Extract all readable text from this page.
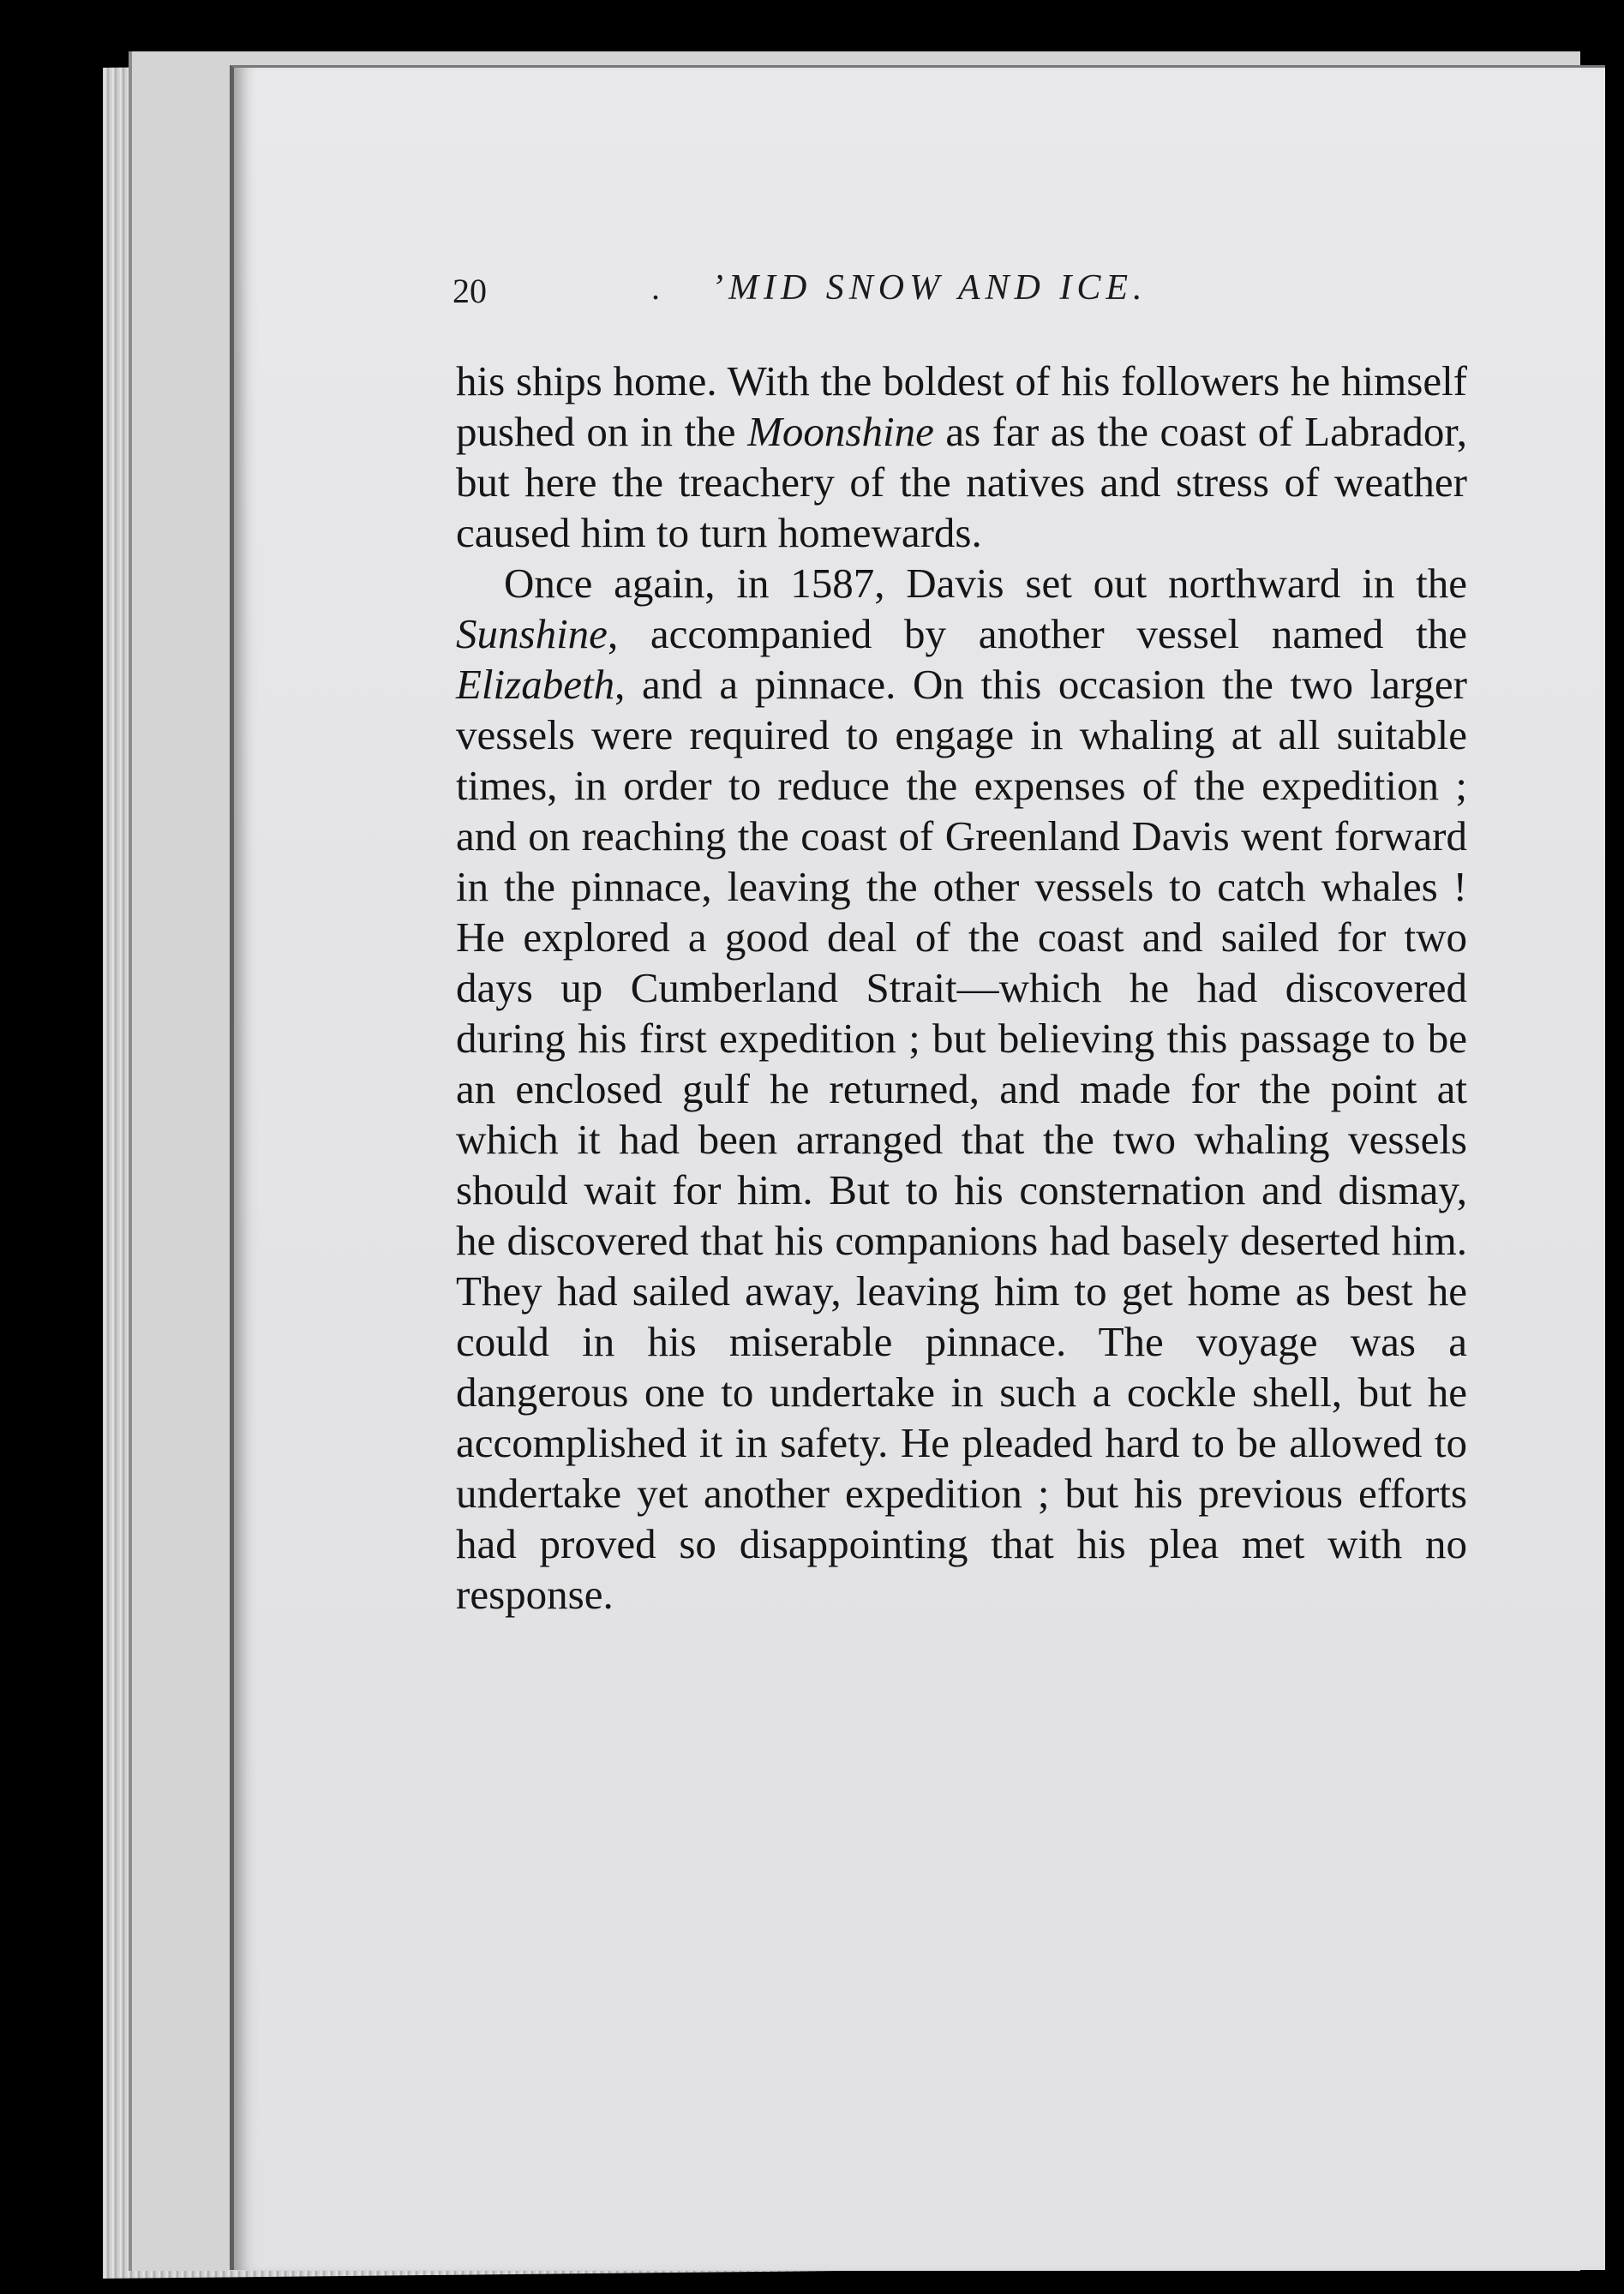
20	. ’MID SNOW AND ICE.

his ships home. With the boldest of his followers he himself pushed on in the Moonshine as far as the coast of Labrador, but here the treachery of the natives and stress of weather caused him to turn homewards.

Once again, in 1587, Davis set out northward in the Sunshine, accompanied by another vessel named the Elizabeth, and a pinnace. On this occasion the two larger vessels were required to engage in whaling at all suitable times, in order to reduce the expenses of the expedition ; and on reaching the coast of Greenland Davis went forward in the pinnace, leaving the other vessels to catch whales ! He explored a good deal of the coast and sailed for two days up Cumberland Strait—which he had discovered during his first expedition ; but believing this passage to be an enclosed gulf he returned, and made for the point at which it had been arranged that the two whaling vessels should wait for him. But to his consternation and dismay, he discovered that his companions had basely deserted him. They had sailed away, leaving him to get home as best he could in his miserable pinnace. The voyage was a dangerous one to undertake in such a cockle shell, but he accomplished it in safety. He pleaded hard to be allowed to undertake yet another expedition ; but his previous efforts had proved so disappointing that his plea met with no response.
